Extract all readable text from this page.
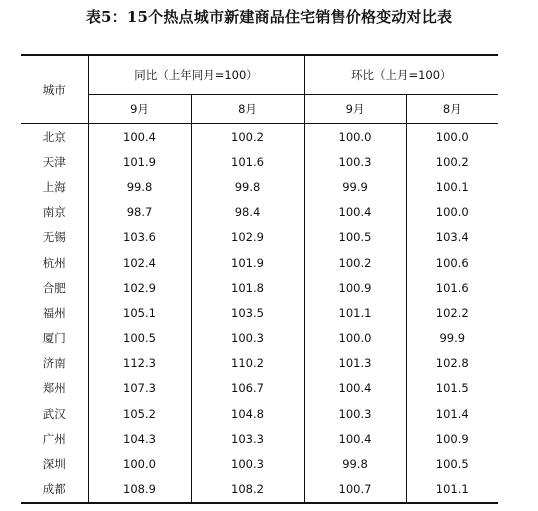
表5：15个热点城市新建商品住宅销售价格变动对比表
城市	同比（上年同月=100）		环比（上月=100）	
	9月	8月	9月	8月
北京	100.4	100.2	100.0	100.0
天津	101.9	101.6	100.3	100.2
上海	99.8	99.8	99.9	100.1
南京	98.7	98.4	100.4	100.0
无锡	103.6	102.9	100.5	103.4
杭州	102.4	101.9	100.2	100.6
合肥	102.9	101.8	100.9	101.6
福州	105.1	103.5	101.1	102.2
厦门	100.5	100.3	100.0	99.9
济南	112.3	110.2	101.3	102.8
郑州	107.3	106.7	100.4	101.5
武汉	105.2	104.8	100.3	101.4
广州	104.3	103.3	100.4	100.9
深圳	100.0	100.3	99.8	100.5
成都	108.9	108.2	100.7	101.1
